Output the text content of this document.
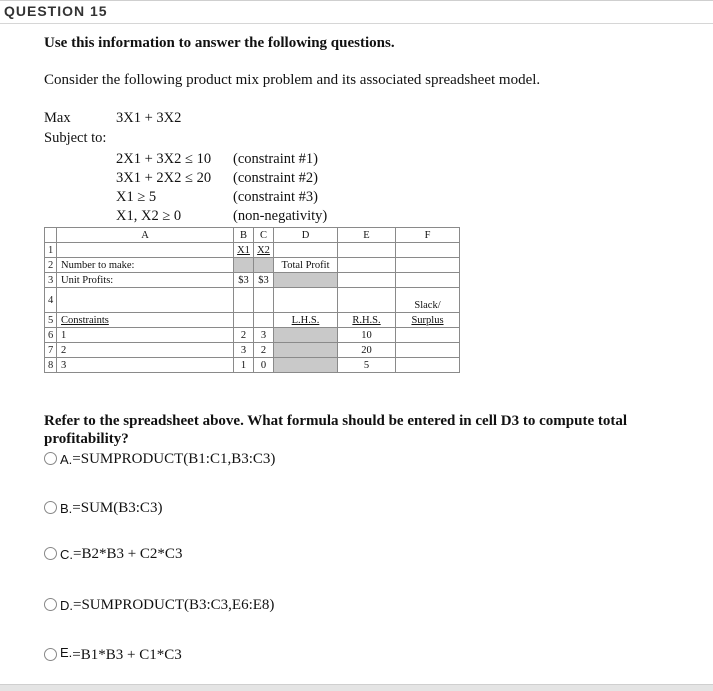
QUESTION 15
Use this information to answer the following questions.
Consider the following product mix problem and its associated spreadsheet model.
Max	3X1 + 3X2
Subject to:
2X1 + 3X2 ≤ 10 (constraint #1)
3X1 + 2X2 ≤ 20 (constraint #2)
X1 ≥ 5	(constraint #3)
X1, X2 ≥ 0	(non-negativity)
	A	B	C	D	E	F
1		X1	X2			
2	Number to make:			Total Profit		
3	Unit Profits:	$3	$3			
4						Slack/
5	Constraints			L.H.S.	R.H.S.	Surplus
6	1	2	3		10	
7	2	3	2		20	
8	3	1	0		5	
Refer to the spreadsheet above. What formula should be entered in cell D3 to compute total profitability?
A.=SUMPRODUCT(B1:C1,B3:C3)
B.=SUM(B3:C3)
C.=B2*B3 + C2*C3
D.=SUMPRODUCT(B3:C3,E6:E8)
E.=B1*B3 + C1*C3
